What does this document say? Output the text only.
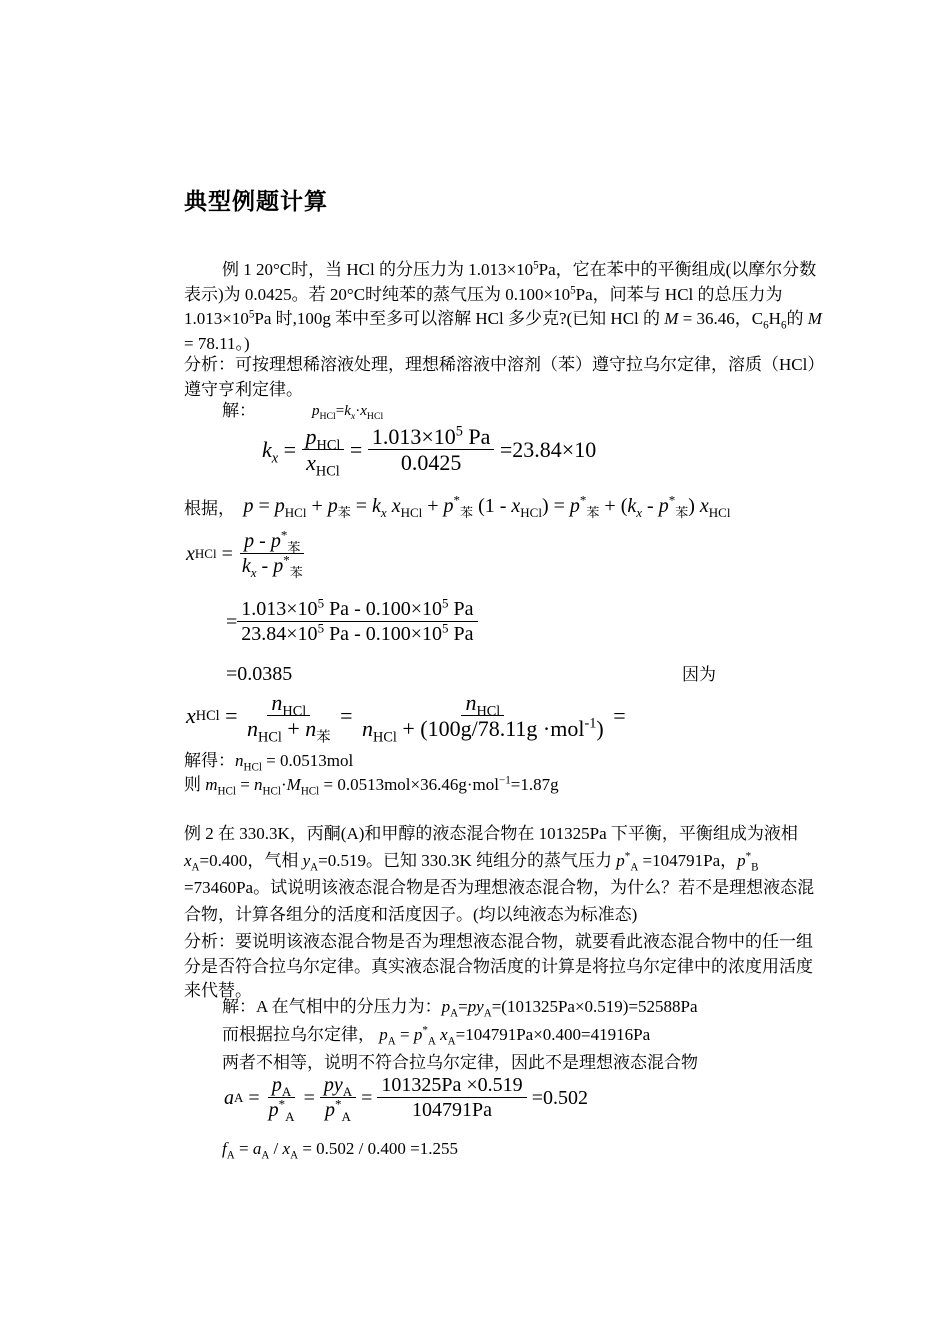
典型例题计算
例 1 20°C时，当 HCl 的分压力为 $1.013\times 10^5Pa$，它在苯中的平衡组成(以摩尔分数表示)为 0.0425。若 20°C时纯苯的蒸气压为 $0.100\times 10^5Pa$，问苯与 HCl 的总压力为 $1.013\times 10^5Pa$ 时,100g 苯中至多可以溶解 HCl 多少克?(已知 HCl 的 M = 36.46，$C_6H_6$的 M = 78.11。)
分析：可按理想稀溶液处理，理想稀溶液中溶剂（苯）遵守拉乌尔定律，溶质（HCl）遵守亨利定律。
解：	$p_{HCl}=k_x\cdot x_{HCl}$
$k_x = \frac{p_{HCl}}{x_{HCl}} = \frac{1.013\times 10^5 Pa}{0.0425}$
=23.84×10
根据，
$p = p_{HCl} + p_苯 = k_x$ $x_{HCl} + p^*_苯$ $(1 - x_{HCl}) = p^*_苯 + (k_x - p^*_苯)$ $x_{HCl}$
x HCl = $\frac{p - p^*_苯}{k_x - p^*_苯}$
= $\frac{1.013\times 10^5 Pa - 0.100\times 10^5 Pa}{23.84\times 10^5 Pa - 0.100\times 10^5 Pa}$
=0.0385	因为
x HCl = $\frac{n_{HCl}}{n_{HCl} + n_苯} = \frac{n_{HCl}}{n_{HCl} + (100g/78.11g \cdot mol^{-1})}$ =
解得：$n_{HCl} = 0.0513mol$
则 $m_{HCl} = n_{HCl}\cdot M_{HCl} = 0.0513mol\times 36.46g\cdot mol^{-1}=1.87g$
例 2 在 330.3K，丙酮(A)和甲醇的液态混合物在 101325Pa 下平衡，平衡组成为液相 $x_A=0.400$，气相 $y_A=0.519$。已知 330.3K 纯组分的蒸气压力 $p^*_A =104791Pa$，$p^*_B =73460Pa$。试说明该液态混合物是否为理想液态混合物，为什么？若不是理想液态混合物，计算各组分的活度和活度因子。(均以纯液态为标准态)
分析：要说明该液态混合物是否为理想液态混合物，就要看此液态混合物中的任一组分是否符合拉乌尔定律。真实液态混合物活度的计算是将拉乌尔定律中的浓度用活度来代替。
解：A 在气相中的分压力为：$p_A=py_A=(101325Pa\times 0.519)=52588Pa$
而根据拉乌尔定律， $p_A = p^*_A$ $x_A=104791Pa\times 0.400=41916Pa$
两者不相等，说明不符合拉乌尔定律，因此不是理想液态混合物
a $A = \frac{p_A}{p^*_A} = \frac{py_A}{p^*_A} = \frac{101325Pa \times 0.519}{104791Pa}$
=0.502
$f_A = a_A / x_A = 0.502 / 0.400 =1.255$
